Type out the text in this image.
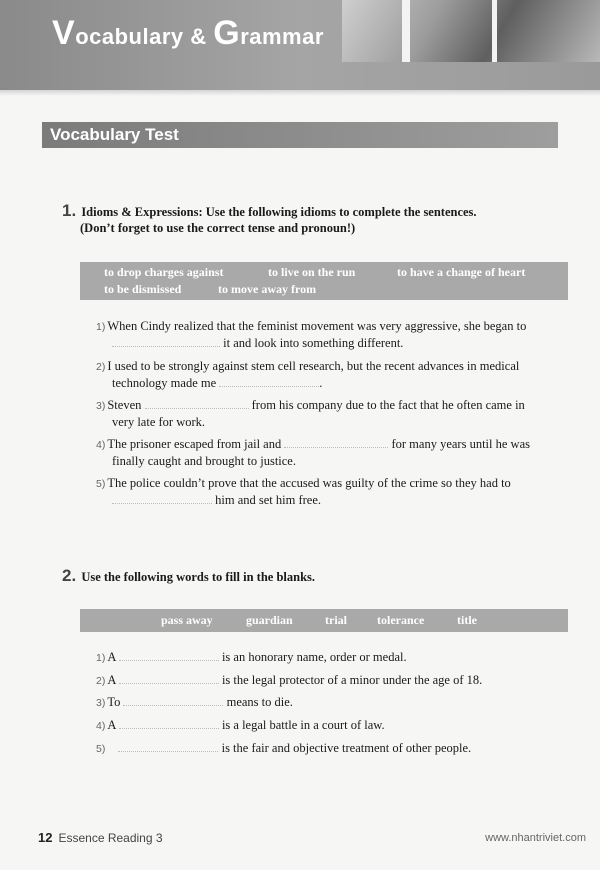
Vocabulary & Grammar
Vocabulary Test
1. Idioms & Expressions: Use the following idioms to complete the sentences.
(Don’t forget to use the correct tense and pronoun!)
to drop charges against	to live on the run	to have a change of heart
to be dismissed	to move away from
1) When Cindy realized that the feminist movement was very aggressive, she began to
it and look into something different.
2) I used to be strongly against stem cell research, but the recent advances in medical
technology made me	.
3) Steven	from his company due to the fact that he often came in
very late for work.
4) The prisoner escaped from jail and	for many years until he was
finally caught and brought to justice.
5) The police couldn’t prove that the accused was guilty of the crime so they had to
him and set him free.
2. Use the following words to fill in the blanks.
pass away	guardian	trial	tolerance	title
1) A	is an honorary name, order or medal.
2) A	is the legal protector of a minor under the age of 18.
3) To	means to die.
4) A	is a legal battle in a court of law.
5)	is the fair and objective treatment of other people.
12 Essence Reading 3	www.nhantriviet.com
